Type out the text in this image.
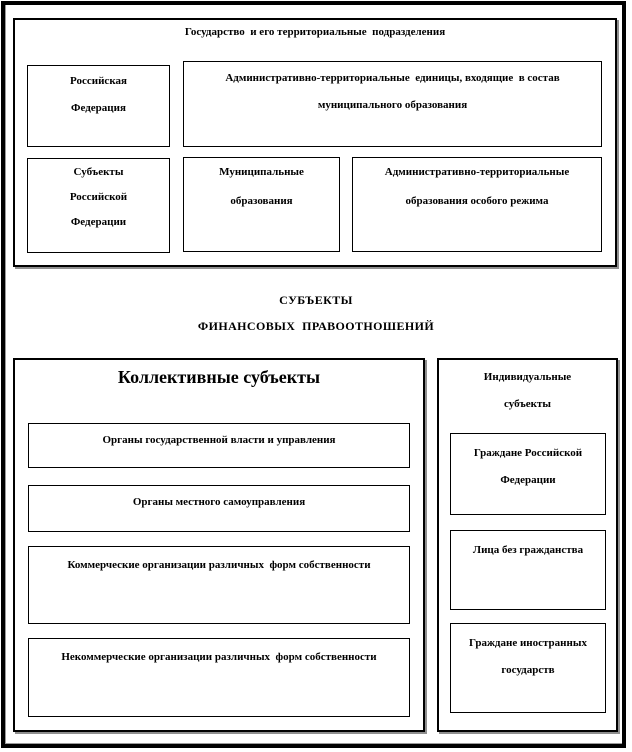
Государство  и его территориальные  подразделения
Российская
Федерация
Административно-территориальные  единицы, входящие  в состав
муниципального образования
Субъекты
Российской
Федерации
Муниципальные
образования
Административно-территориальные
образования особого режима
СУБЪЕКТЫ
ФИНАНСОВЫХ  ПРАВООТНОШЕНИЙ
Коллективные субъекты
Органы государственной власти и управления
Органы местного самоуправления
Коммерческие организации различных  форм собственности
Некоммерческие организации различных  форм собственности
Индивидуальные
субъекты
Граждане Российской
Федерации
Лица без гражданства
Граждане иностранных
государств
